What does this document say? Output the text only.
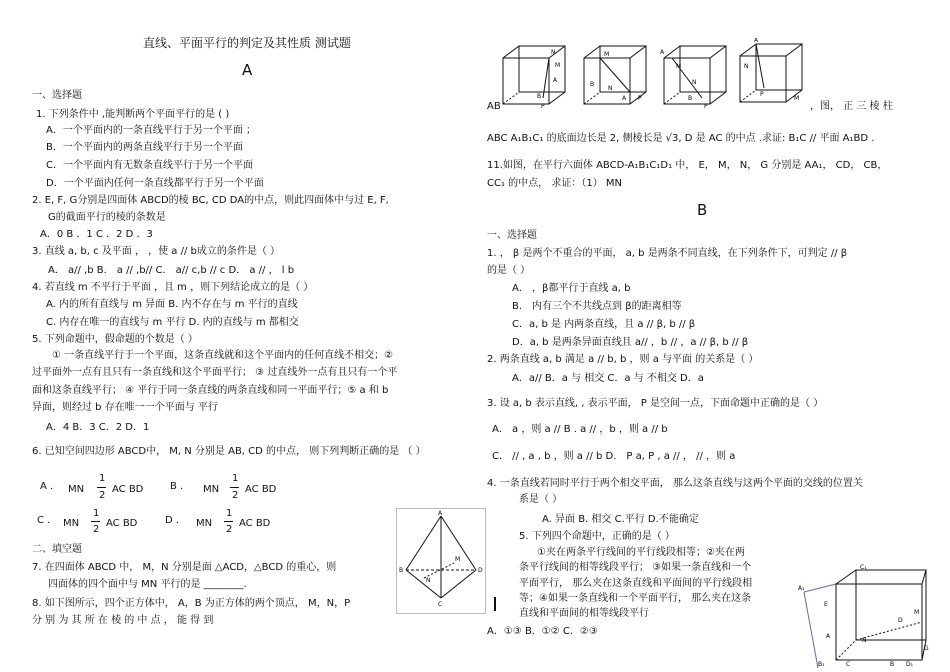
直线、平面平行的判定及其性质 测试题
A
一、选择题
1. 下列条件中 ,能判断两个平面平行的是 ( )
A．一个平面内的一条直线平行于另一个平面 ；
B．一个平面内的两条直线平行于另一个平面
C．一个平面内有无数条直线平行于另一个平面
D．一个平面内任何一条直线都平行于另一个平面
2. E, F, G分别是四面体 ABCD的棱 BC, CD DA的中点，则此四面体中与过 E, F,
G的截面平行的棱的条数是
A．0 B ．1 C ．2 D ．3
3. 直线 a, b, c 及平面 ， ，使 a // b成立的条件是（ ）
A． a// ,b B． a // ,b// C． a// c,b // c D． a // ， l b
4. 若直线 m 不平行于平面 ，且 m ，则下列结论成立的是（ ）
A. 内的所有直线与 m 异面 B. 内不存在与 m 平行的直线
C. 内存在唯一的直线与 m 平行 D. 内的直线与 m 都相交
5. 下列命题中，假命题的个数是（ ）
① 一条直线平行于一个平面，这条直线就和这个平面内的任何直线不相交；②
过平面外一点有且只有一条直线和这个平面平行； ③ 过直线外一点有且只有一个平
面和这条直线平行； ④ 平行于同一条直线的两条直线和同一平面平行；⑤ a 和 b
异面，则经过 b 存在唯一一个平面与 平行
A．4 B．3 C．2 D．1
6. 已知空间四边形 ABCD中， M, N 分别是 AB, CD 的中点， 则下列判断正确的是 （ ）
A ． MN
1
2
AC BD	B ． MN
1
2
AC BD
C ． MN
1
2
AC BD	D ． MN
1
2
AC BD
二、填空题
7. 在四面体 ABCD 中， M，N 分别是面 △ACD，△BCD 的重心，则
四面体的四个面中与 MN 平行的是 ________.
8. 如下图所示，四个正方体中， A，B 为正方体的两个顶点， M，N，P
分 别 为 其 所 在 棱 的 中 点 ， 能 得 到
A
B
C
D
M
N
N
M
A
B
P
M
B
N
A P
A
M
N
B
P
A
N
P
M
AB	，图， 正 三 棱 柱
ABC A₁B₁C₁ 的底面边长是 2, 侧棱长是 √3, D 是 AC 的中点 .求证: B₁C // 平面 A₁BD .
11.如图，在平行六面体 ABCD-A₁B₁C₁D₁ 中， E， M， N， G 分别是 AA₁， CD， CB，
CC₁ 的中点， 求证：（1） MN
B
一、选择题
1. ， β 是两个不重合的平面， a, b 是两条不同直线，在下列条件下，可判定 // β
的是（ ）
A． ，β都平行于直线 a, b
B． 内有三个不共线点到 β的距离相等
C．a, b 是 内两条直线，且 a // β, b // β
D．a, b 是两条异面直线且 a// ，b // ，a // β, b // β
2. 两条直线 a, b 满足 a // b, b ，则 a 与平面 的关系是（ ）
A．a// B．a 与 相交 C．a 与 不相交 D．a
3. 设 a, b 表示直线, , 表示平面， P 是空间一点，下面命题中正确的是（ ）
A． a ，则 a // B . a // ，b ，则 a // b
C． // , a , b ，则 a // b D． P a, P , a // ， // ，则 a
4. 一条直线若同时平行于两个相交平面， 那么这条直线与这两个平面的交线的位置关
系是（ ）
A. 异面 B. 相交 C.平行 D.不能确定
5. 下列四个命题中，正确的是（ ）
①夹在两条平行线间的平行线段相等；②夹在两
条平行线间的相等线段平行； ③如果一条直线和一个
平面平行， 那么夹在这条直线和平面间的平行线段相
等；④如果一条直线和一个平面平行， 那么夹在这条
直线和平面间的相等线段平行
A．①③ B．①② C．②③
C₁
A₁
E
M
D
A
N
G
B₁	C	B D₁
